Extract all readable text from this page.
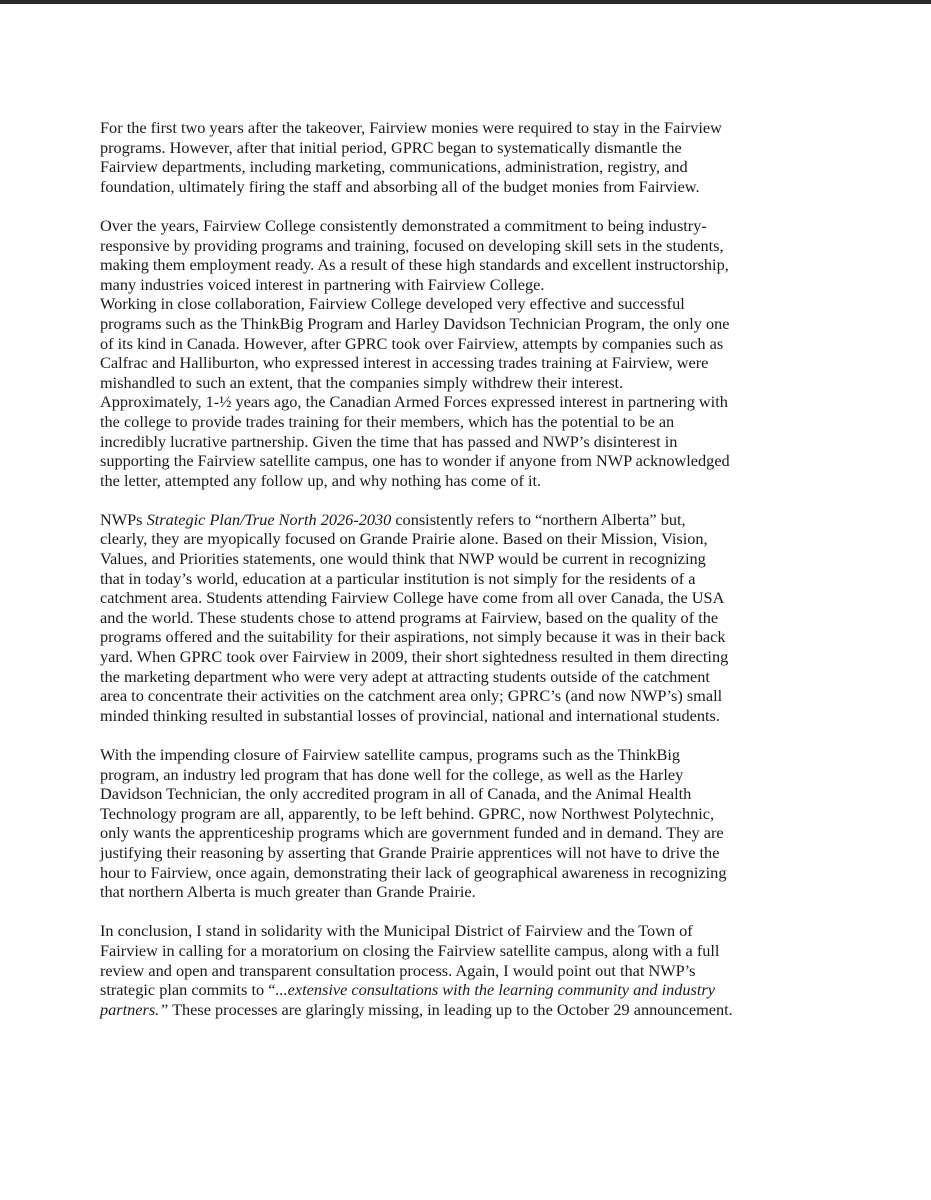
For the first two years after the takeover, Fairview monies were required to stay in the Fairview
programs. However, after that initial period, GPRC began to systematically dismantle the
Fairview departments, including marketing, communications, administration, registry, and
foundation, ultimately firing the staff and absorbing all of the budget monies from Fairview.
Over the years, Fairview College consistently demonstrated a commitment to being industry-
responsive by providing programs and training, focused on developing skill sets in the students,
making them employment ready. As a result of these high standards and excellent instructorship,
many industries voiced interest in partnering with Fairview College.
Working in close collaboration, Fairview College developed very effective and successful
programs such as the ThinkBig Program and Harley Davidson Technician Program, the only one
of its kind in Canada. However, after GPRC took over Fairview, attempts by companies such as
Calfrac and Halliburton, who expressed interest in accessing trades training at Fairview, were
mishandled to such an extent, that the companies simply withdrew their interest.
Approximately, 1-½ years ago, the Canadian Armed Forces expressed interest in partnering with
the college to provide trades training for their members, which has the potential to be an
incredibly lucrative partnership. Given the time that has passed and NWP’s disinterest in
supporting the Fairview satellite campus, one has to wonder if anyone from NWP acknowledged
the letter, attempted any follow up, and why nothing has come of it.
NWPs Strategic Plan/True North 2026-2030 consistently refers to “northern Alberta” but,
clearly, they are myopically focused on Grande Prairie alone. Based on their Mission, Vision,
Values, and Priorities statements, one would think that NWP would be current in recognizing
that in today’s world, education at a particular institution is not simply for the residents of a
catchment area. Students attending Fairview College have come from all over Canada, the USA
and the world. These students chose to attend programs at Fairview, based on the quality of the
programs offered and the suitability for their aspirations, not simply because it was in their back
yard. When GPRC took over Fairview in 2009, their short sightedness resulted in them directing
the marketing department who were very adept at attracting students outside of the catchment
area to concentrate their activities on the catchment area only; GPRC’s (and now NWP’s) small
minded thinking resulted in substantial losses of provincial, national and international students.
With the impending closure of Fairview satellite campus, programs such as the ThinkBig
program, an industry led program that has done well for the college, as well as the Harley
Davidson Technician, the only accredited program in all of Canada, and the Animal Health
Technology program are all, apparently, to be left behind. GPRC, now Northwest Polytechnic,
only wants the apprenticeship programs which are government funded and in demand. They are
justifying their reasoning by asserting that Grande Prairie apprentices will not have to drive the
hour to Fairview, once again, demonstrating their lack of geographical awareness in recognizing
that northern Alberta is much greater than Grande Prairie.
In conclusion, I stand in solidarity with the Municipal District of Fairview and the Town of
Fairview in calling for a moratorium on closing the Fairview satellite campus, along with a full
review and open and transparent consultation process. Again, I would point out that NWP’s
strategic plan commits to “...extensive consultations with the learning community and industry
partners.” These processes are glaringly missing, in leading up to the October 29 announcement.
